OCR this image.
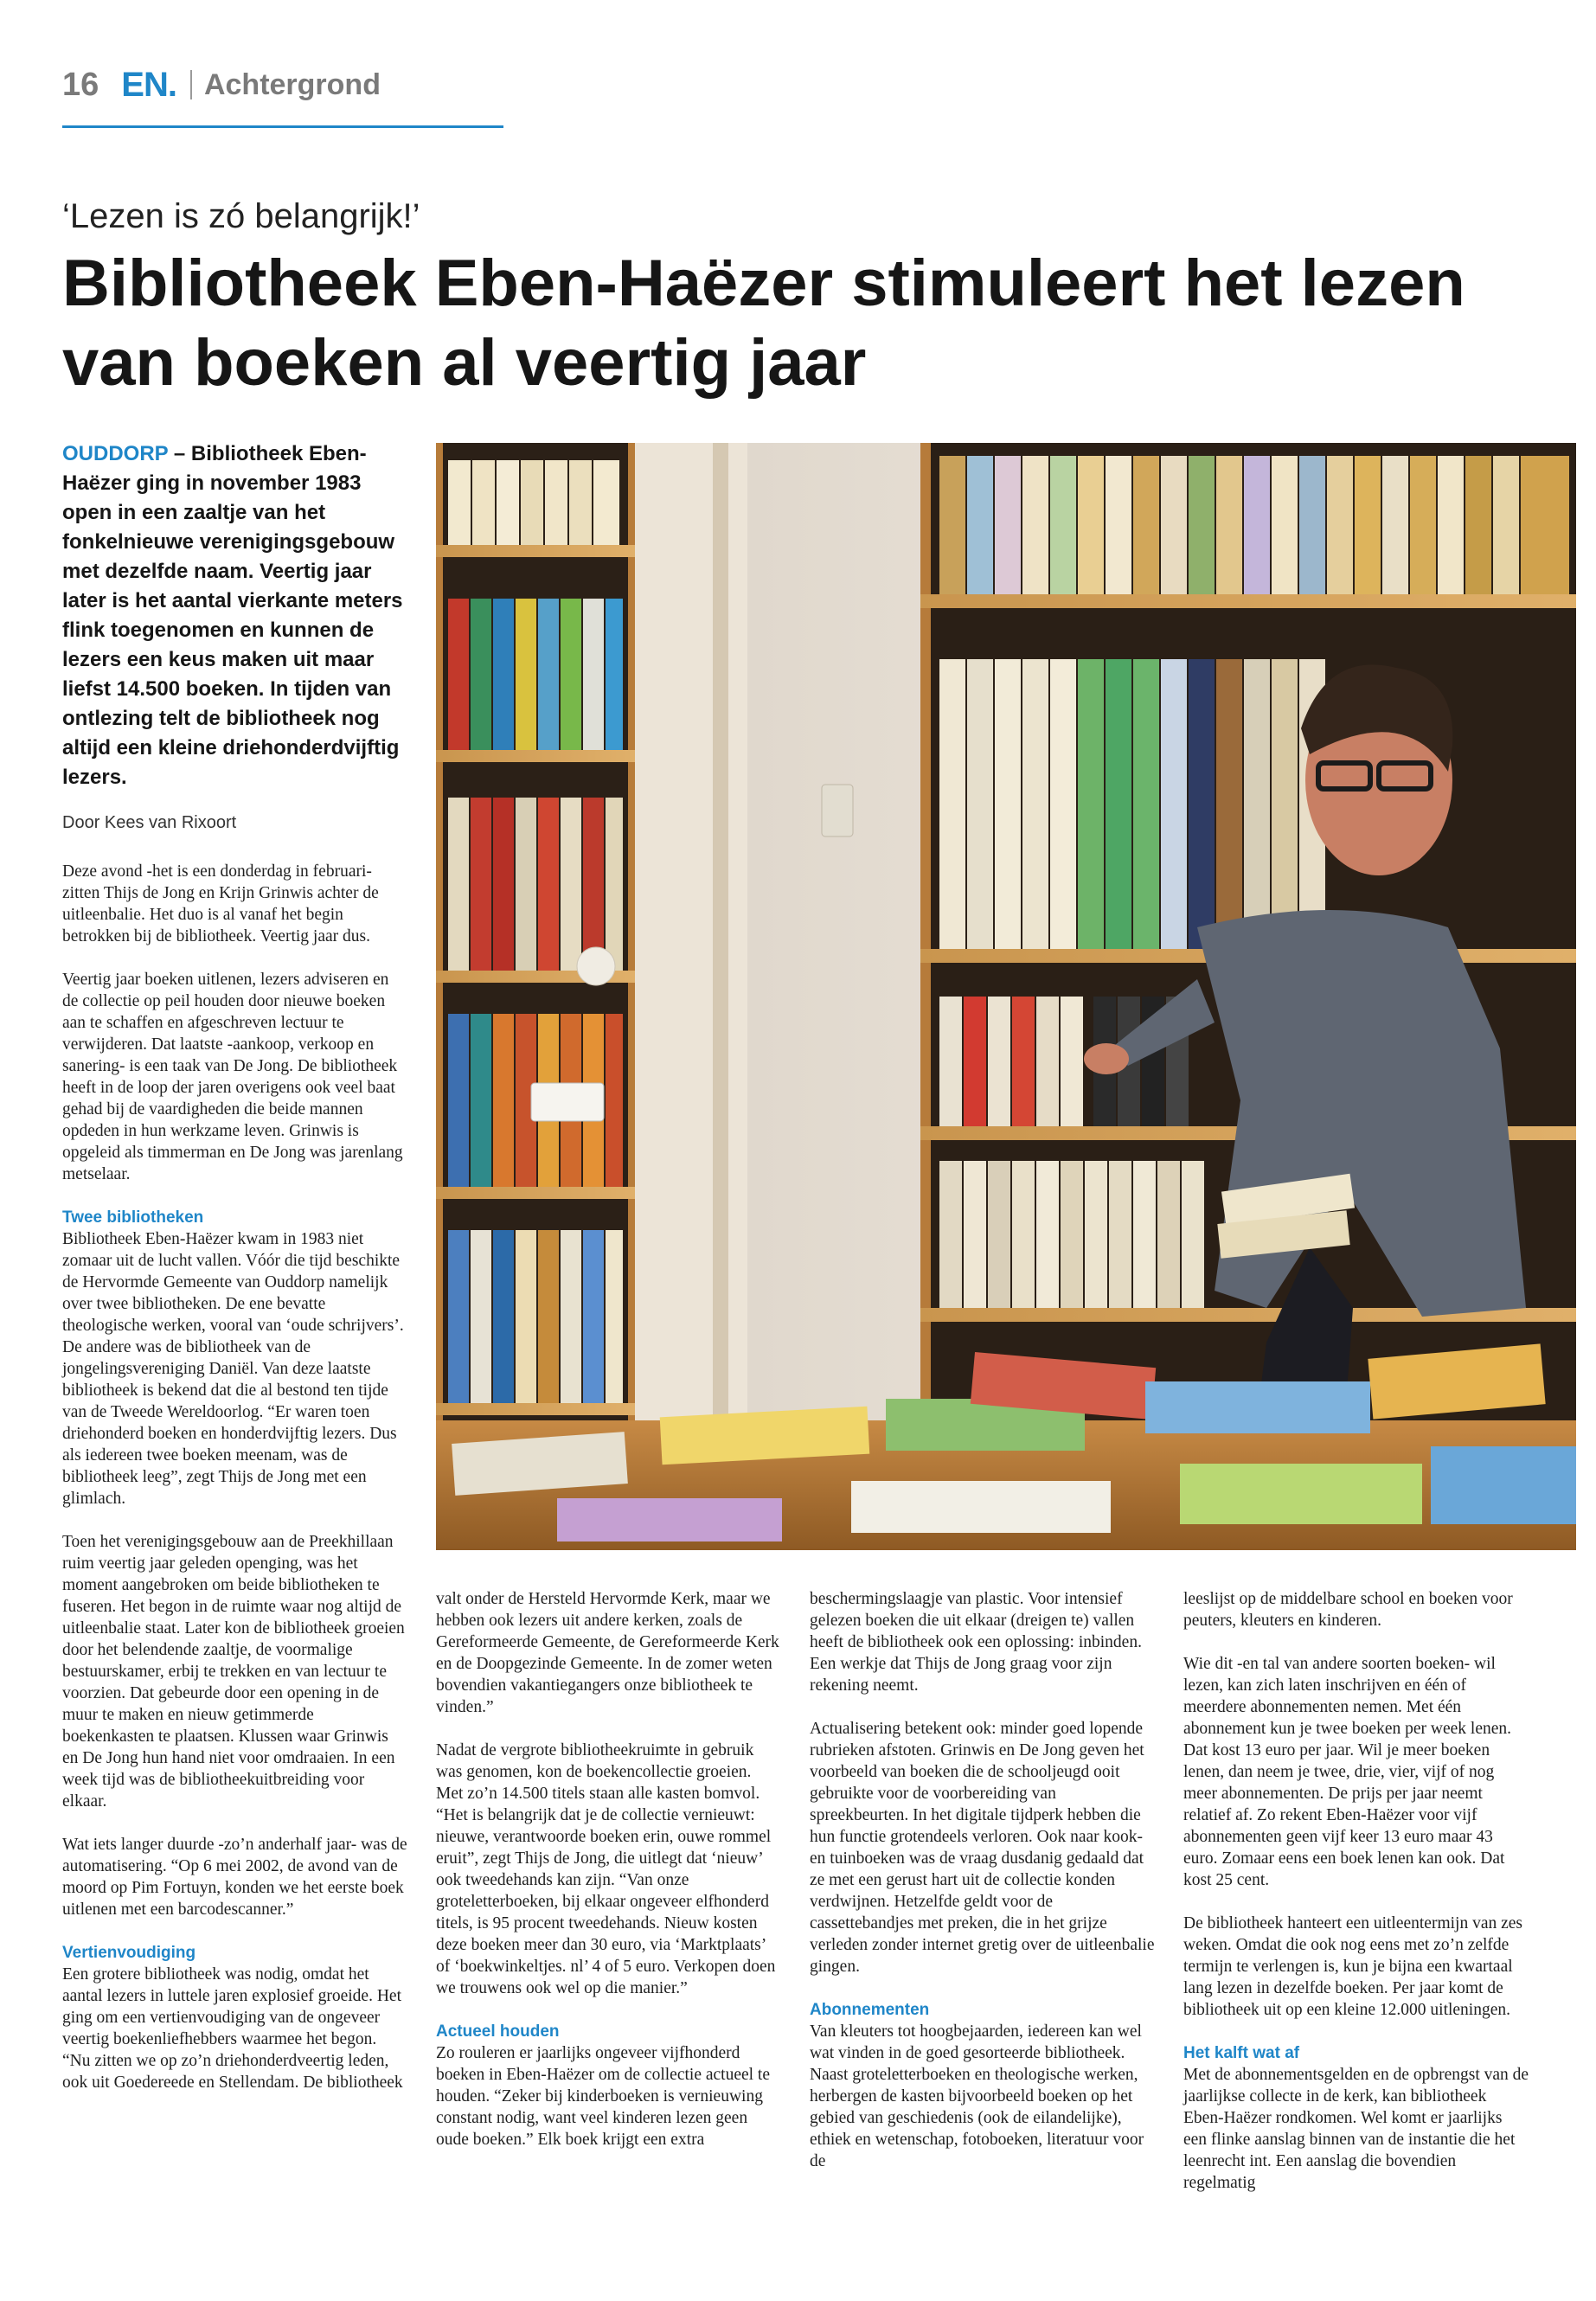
16 EN. Achtergrond
‘Lezen is zó belangrijk!’
Bibliotheek Eben-Haëzer stimuleert het lezen van boeken al veertig jaar
OUDDORP – Bibliotheek Eben-Haëzer ging in november 1983 open in een zaaltje van het fonkelnieuwe verenigingsgebouw met dezelfde naam. Veertig jaar later is het aantal vierkante meters flink toegenomen en kunnen de lezers een keus maken uit maar liefst 14.500 boeken. In tijden van ontlezing telt de bibliotheek nog altijd een kleine driehonderdvijftig lezers.
Door Kees van Rixoort

Deze avond -het is een donderdag in februari- zitten Thijs de Jong en Krijn Grinwis achter de uitleenbalie. Het duo is al vanaf het begin betrokken bij de bibliotheek. Veertig jaar dus.

Veertig jaar boeken uitlenen, lezers adviseren en de collectie op peil houden door nieuwe boeken aan te schaffen en afgeschreven lectuur te verwijderen. Dat laatste -aankoop, verkoop en sanering- is een taak van De Jong. De bibliotheek heeft in de loop der jaren overigens ook veel baat gehad bij de vaardigheden die beide mannen opdeden in hun werkzame leven. Grinwis is opgeleid als timmerman en De Jong was jarenlang metselaar.

Twee bibliotheken

Bibliotheek Eben-Haëzer kwam in 1983 niet zomaar uit de lucht vallen. Vóór die tijd beschikte de Hervormde Gemeente van Ouddorp namelijk over twee bibliotheken. De ene bevatte theologische werken, vooral van ‘oude schrijvers’. De andere was de bibliotheek van de jongelingsvereniging Daniël. Van deze laatste bibliotheek is bekend dat die al bestond ten tijde van de Tweede Wereldoorlog. “Er waren toen driehonderd boeken en honderdvijftig lezers. Dus als iedereen twee boeken meenam, was de bibliotheek leeg”, zegt Thijs de Jong met een glimlach.

Toen het verenigingsgebouw aan de Preekhillaan ruim veertig jaar geleden openging, was het moment aangebroken om beide bibliotheken te fuseren. Het begon in de ruimte waar nog altijd de uitleenbalie staat. Later kon de bibliotheek groeien door het belendende zaaltje, de voormalige bestuurskamer, erbij te trekken en van lectuur te voorzien. Dat gebeurde door een opening in de muur te maken en nieuw getimmerde boekenkasten te plaatsen. Klussen waar Grinwis en De Jong hun hand niet voor omdraaien. In een week tijd was de bibliotheekuitbreiding voor elkaar.

Wat iets langer duurde -zo’n anderhalf jaar- was de automatisering. “Op 6 mei 2002, de avond van de moord op Pim Fortuyn, konden we het eerste boek uitlenen met een barcodescanner.”

Vertienvoudiging

Een grotere bibliotheek was nodig, omdat het aantal lezers in luttele jaren explosief groeide. Het ging om een vertienvoudiging van de ongeveer veertig boekenliefhebbers waarmee het begon. “Nu zitten we op zo’n driehonderdveertig leden, ook uit Goedereede en Stellendam. De bibliotheek

valt onder de Hersteld Hervormde Kerk, maar we hebben ook lezers uit andere kerken, zoals de Gereformeerde Gemeente, de Gereformeerde Kerk en de Doopgezinde Gemeente. In de zomer weten bovendien vakantiegangers onze bibliotheek te vinden.”

Nadat de vergrote bibliotheekruimte in gebruik was genomen, kon de boekencollectie groeien. Met zo’n 14.500 titels staan alle kasten bomvol. “Het is belangrijk dat je de collectie vernieuwt: nieuwe, verantwoorde boeken erin, ouwe rommel eruit”, zegt Thijs de Jong, die uitlegt dat ‘nieuw’ ook tweedehands kan zijn. “Van onze groteletterboeken, bij elkaar ongeveer elfhonderd titels, is 95 procent tweedehands. Nieuw kosten deze boeken meer dan 30 euro, via ‘Marktplaats’ of ‘boekwinkeltjes. nl’ 4 of 5 euro. Verkopen doen we trouwens ook wel op die manier.”

Actueel houden

Zo rouleren er jaarlijks ongeveer vijfhonderd boeken in Eben-Haëzer om de collectie actueel te houden. “Zeker bij kinderboeken is vernieuwing constant nodig, want veel kinderen lezen geen oude boeken.” Elk boek krijgt een extra

beschermingslaagje van plastic. Voor intensief gelezen boeken die uit elkaar (dreigen te) vallen heeft de bibliotheek ook een oplossing: inbinden. Een werkje dat Thijs de Jong graag voor zijn rekening neemt.

Actualisering betekent ook: minder goed lopende rubrieken afstoten. Grinwis en De Jong geven het voorbeeld van boeken die de schooljeugd ooit gebruikte voor de voorbereiding van spreekbeurten. In het digitale tijdperk hebben die hun functie grotendeels verloren. Ook naar kook- en tuinboeken was de vraag dusdanig gedaald dat ze met een gerust hart uit de collectie konden verdwijnen. Hetzelfde geldt voor de cassettebandjes met preken, die in het grijze verleden zonder internet gretig over de uitleenbalie gingen.

Abonnementen

Van kleuters tot hoogbejaarden, iedereen kan wel wat vinden in de goed gesorteerde bibliotheek. Naast groteletterboeken en theologische werken, herbergen de kasten bijvoorbeeld boeken op het gebied van geschiedenis (ook de eilandelijke), ethiek en wetenschap, fotoboeken, literatuur voor de

leeslijst op de middelbare school en boeken voor peuters, kleuters en kinderen.

Wie dit -en tal van andere soorten boeken- wil lezen, kan zich laten inschrijven en één of meerdere abonnementen nemen. Met één abonnement kun je twee boeken per week lenen. Dat kost 13 euro per jaar. Wil je meer boeken lenen, dan neem je twee, drie, vier, vijf of nog meer abonnementen. De prijs per jaar neemt relatief af. Zo rekent Eben-Haëzer voor vijf abonnementen geen vijf keer 13 euro maar 43 euro. Zomaar eens een boek lenen kan ook. Dat kost 25 cent.

De bibliotheek hanteert een uitleentermijn van zes weken. Omdat die ook nog eens met zo’n zelfde termijn te verlengen is, kun je bijna een kwartaal lang lezen in dezelfde boeken. Per jaar komt de bibliotheek uit op een kleine 12.000 uitleningen.

Het kalft wat af

Met de abonnementsgelden en de opbrengst van de jaarlijkse collecte in de kerk, kan bibliotheek Eben-Haëzer rondkomen. Wel komt er jaarlijks een flinke aanslag binnen van de instantie die het leenrecht int. Een aanslag die bovendien regelmatig
